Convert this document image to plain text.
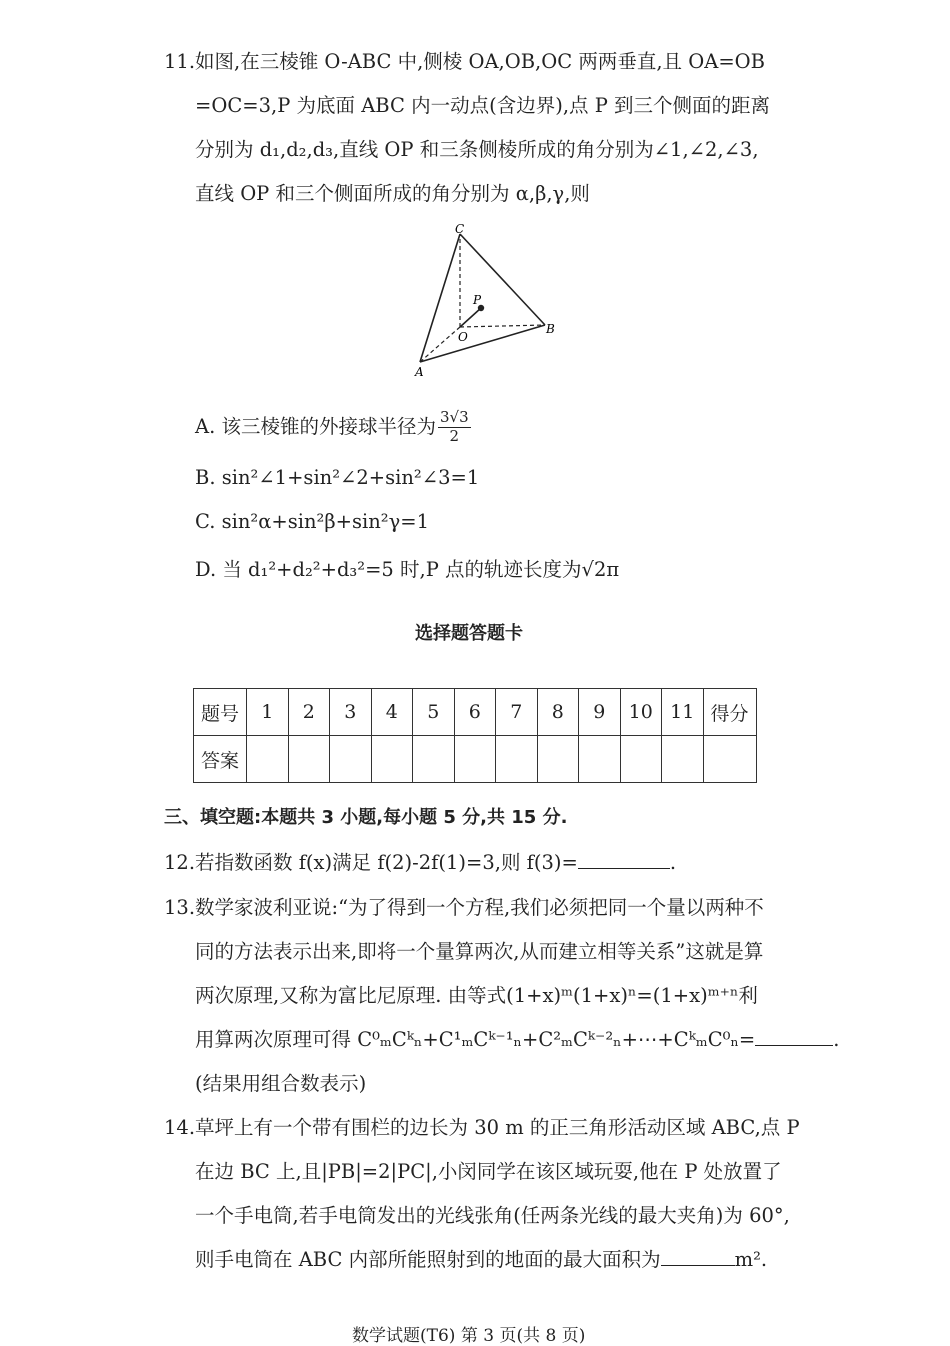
11. 如图,在三棱锥 O-ABC 中,侧棱 OA,OB,OC 两两垂直,且 OA=OB
=OC=3,P 为底面 ABC 内一动点(含边界),点 P 到三个侧面的距离
分别为 d₁,d₂,d₃,直线 OP 和三条侧棱所成的角分别为∠1,∠2,∠3,
直线 OP 和三个侧面所成的角分别为 α,β,γ,则
C
P
O
B
A
A. 该三棱锥的外接球半径为 $\frac{3√3}{2}$
B. sin²∠1+sin²∠2+sin²∠3=1
C. sin²α+sin²β+sin²γ=1
D. 当 d₁²+d₂²+d₃²=5 时,P 点的轨迹长度为√2π
选择题答题卡
题号	1	2	3	4	5	6	7	8	9	10	11	得分
答案												
三、填空题:本题共 3 小题,每小题 5 分,共 15 分.
12. 若指数函数 f(x)满足 f(2)-2f(1)=3,则 f(3)=	.
13. 数学家波利亚说:“为了得到一个方程,我们必须把同一个量以两种不
同的方法表示出来,即将一个量算两次,从而建立相等关系”这就是算
两次原理,又称为富比尼原理. 由等式(1+x)ᵐ(1+x)ⁿ=(1+x)ᵐ⁺ⁿ利
用算两次原理可得 C⁰ₘCᵏₙ+C¹ₘCᵏ⁻¹ₙ+C²ₘCᵏ⁻²ₙ+⋯+CᵏₘC⁰ₙ=	.
(结果用组合数表示)
14. 草坪上有一个带有围栏的边长为 30 m 的正三角形活动区域 ABC,点 P
在边 BC 上,且|PB|=2|PC|,小闵同学在该区域玩耍,他在 P 处放置了
一个手电筒,若手电筒发出的光线张角(任两条光线的最大夹角)为 60°,
则手电筒在 ABC 内部所能照射到的地面的最大面积为	m².
数学试题(T6) 第 3 页(共 8 页)
